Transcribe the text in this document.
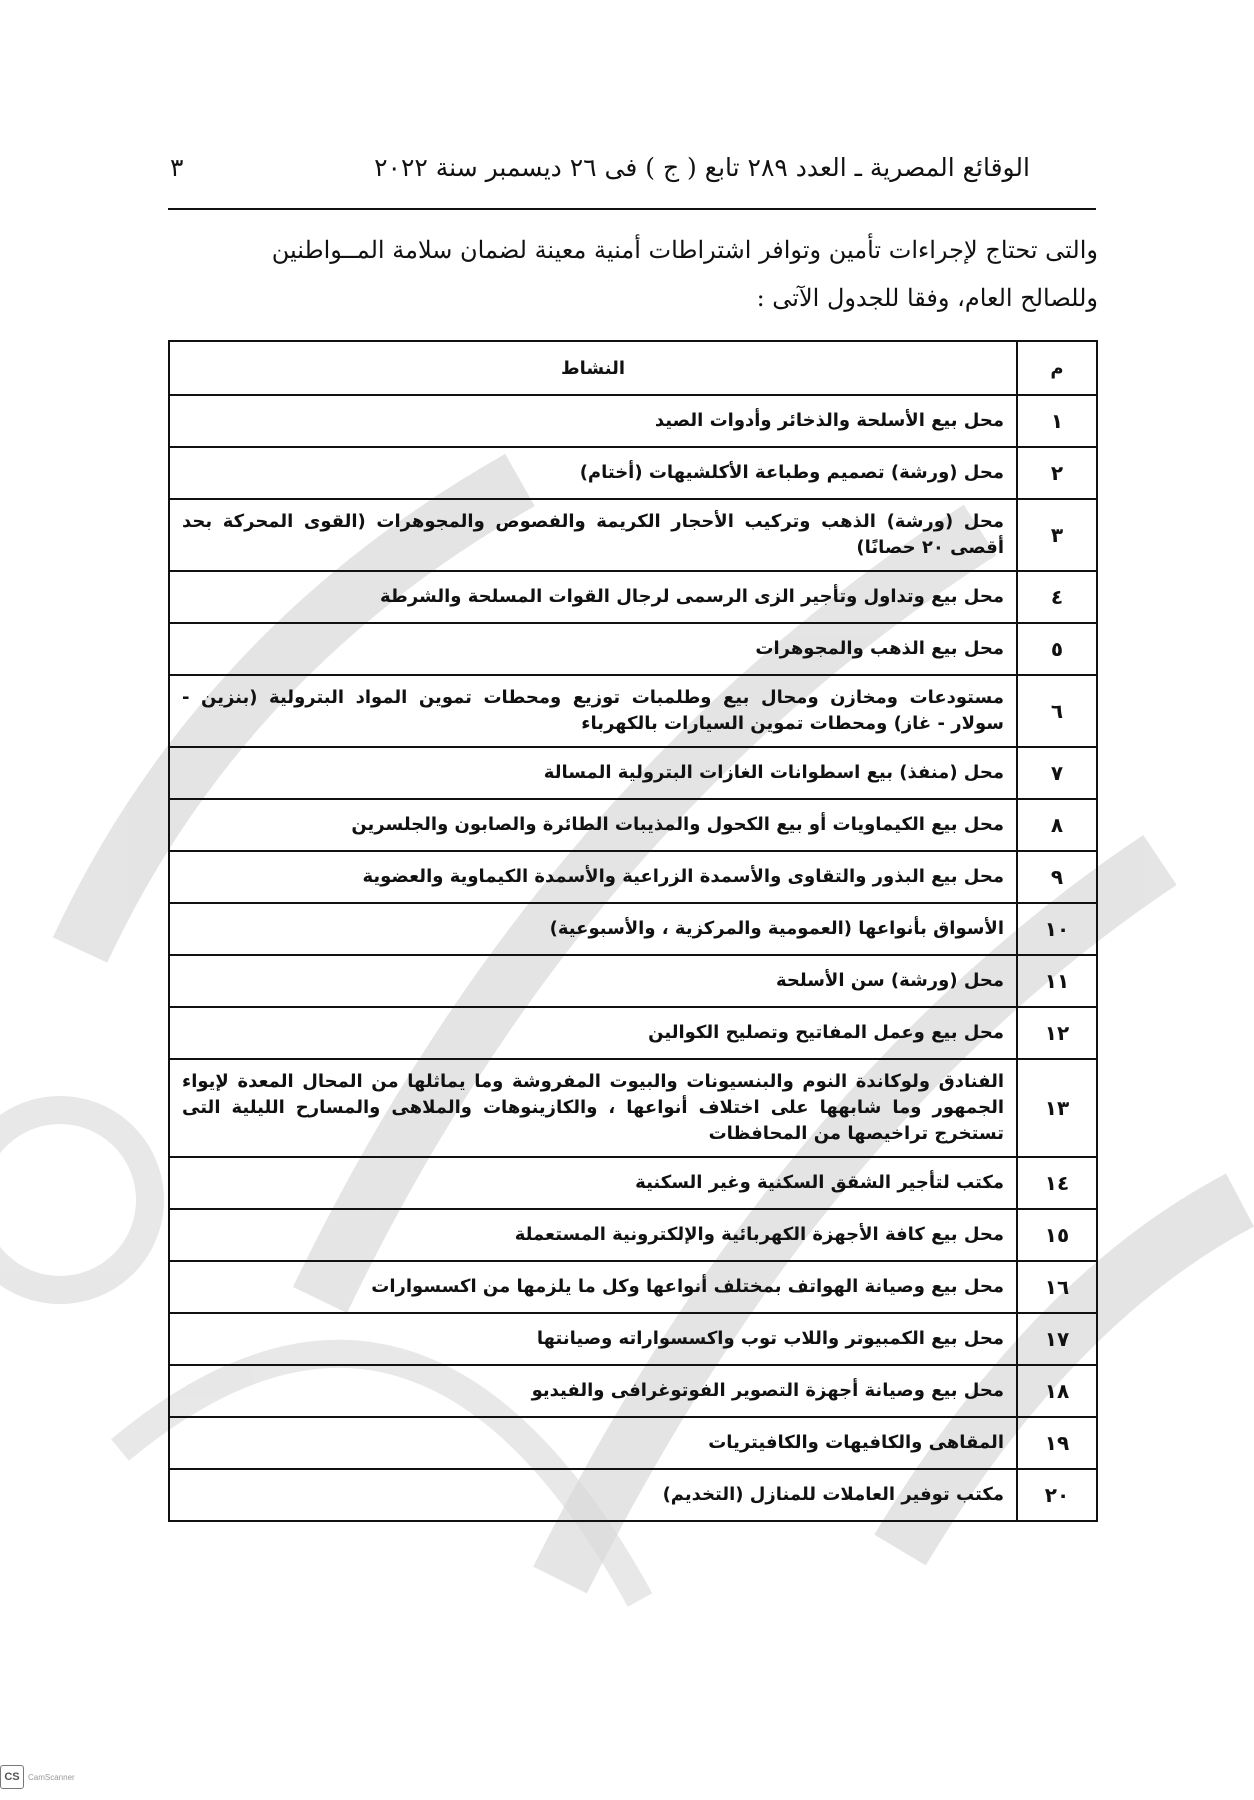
الوقائع المصرية ـ العدد ٢٨٩ تابع ( ج ) فى ٢٦ ديسمبر سنة ٢٠٢٢
٣

والتى تحتاج لإجراءات تأمين وتوافر اشتراطات أمنية معينة لضمان سلامة المــواطنين

وللصالح العام، وفقا للجدول الآتى :

م	النشاط
١	محل بيع الأسلحة والذخائر وأدوات الصيد
٢	محل (ورشة) تصميم وطباعة الأكلشيهات (أختام)
٣	محل (ورشة) الذهب وتركيب الأحجار الكريمة والفصوص والمجوهرات (القوى المحركة بحد أقصى ٢٠ حصانًا)
٤	محل بيع وتداول وتأجير الزى الرسمى لرجال القوات المسلحة والشرطة
٥	محل بيع الذهب والمجوهرات
٦	مستودعات ومخازن ومحال بيع وطلمبات توزيع ومحطات تموين المواد البترولية (بنزين - سولار - غاز) ومحطات تموين السيارات بالكهرباء
٧	محل (منفذ) بيع اسطوانات الغازات البترولية المسالة
٨	محل بيع الكيماويات أو بيع الكحول والمذيبات الطائرة والصابون والجلسرين
٩	محل بيع البذور والتقاوى والأسمدة الزراعية والأسمدة الكيماوية والعضوية
١٠	الأسواق بأنواعها (العمومية والمركزية ، والأسبوعية)
١١	محل (ورشة) سن الأسلحة
١٢	محل بيع وعمل المفاتيح وتصليح الكوالين
١٣	الفنادق ولوكاندة النوم والبنسيونات والبيوت المفروشة وما يماثلها من المحال المعدة لإيواء الجمهور وما شابهها على اختلاف أنواعها ، والكازينوهات والملاهى والمسارح الليلية التى تستخرج تراخيصها من المحافظات
١٤	مكتب لتأجير الشقق السكنية وغير السكنية
١٥	محل بيع كافة الأجهزة الكهربائية والإلكترونية المستعملة
١٦	محل بيع وصيانة الهواتف بمختلف أنواعها وكل ما يلزمها من اكسسوارات
١٧	محل بيع الكمبيوتر واللاب توب واكسسواراته وصيانتها
١٨	محل بيع وصيانة أجهزة التصوير الفوتوغرافى والفيديو
١٩	المقاهى والكافيهات والكافيتريات
٢٠	مكتب توفير العاملات للمنازل (التخديم)
CS	CamScanner
